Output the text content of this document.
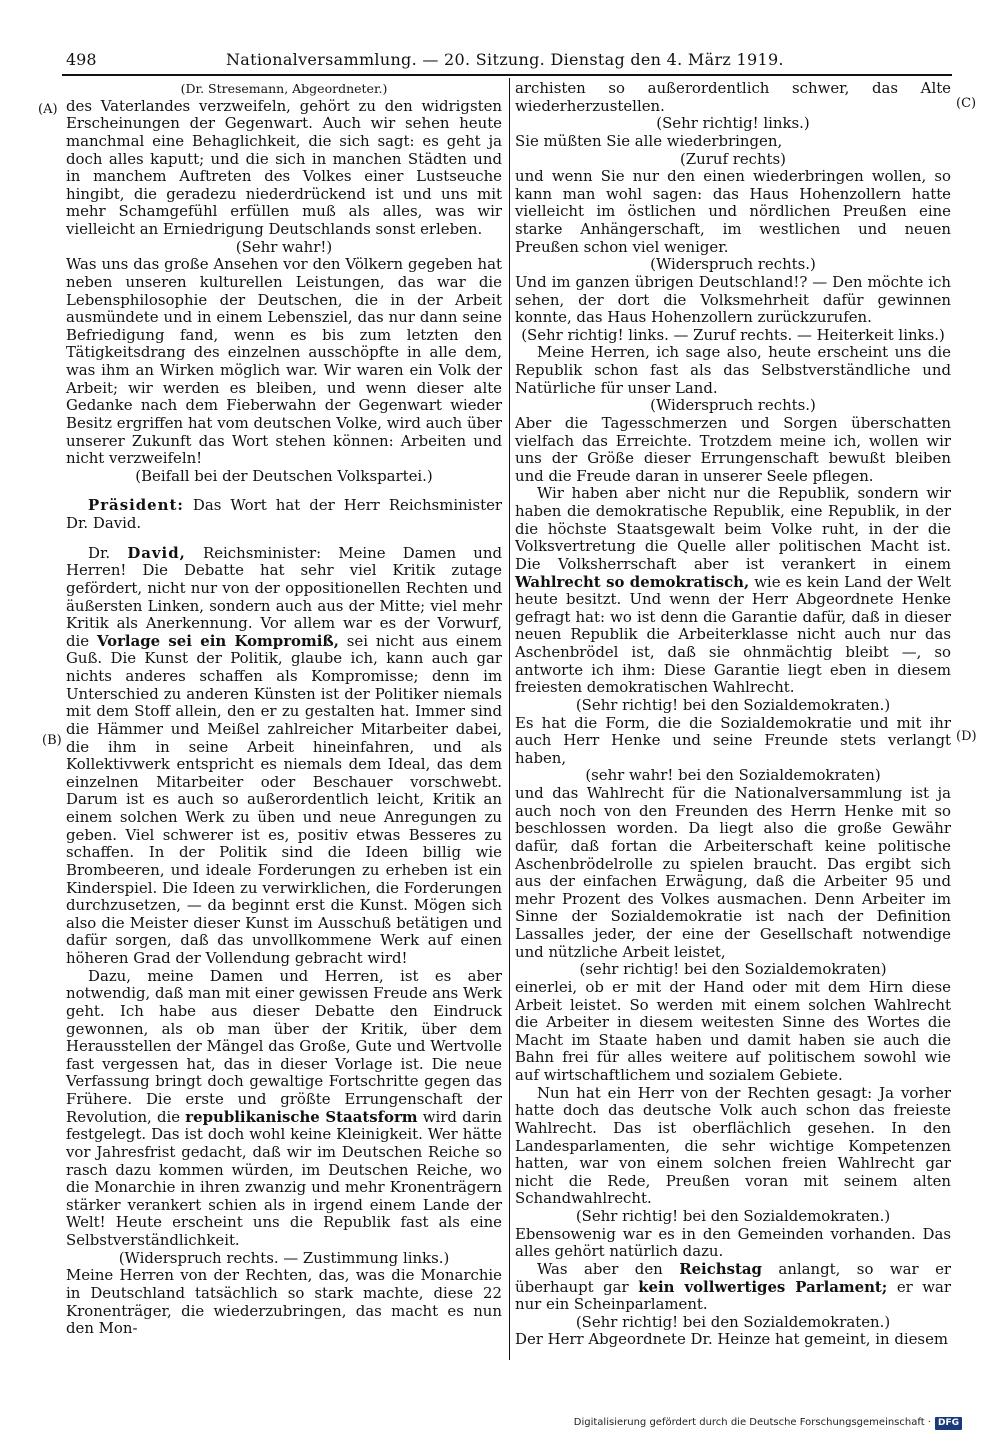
498	Nationalversammlung. — 20. Sitzung. Dienstag den 4. März 1919.
(A)
(B)
(C)
(D)

(Dr. Stresemann, Abgeordneter.)

des Vaterlandes verzweifeln, gehört zu den widrigsten Erscheinungen der Gegenwart. Auch wir sehen heute manchmal eine Behaglichkeit, die sich sagt: es geht ja doch alles kaputt; und die sich in manchen Städten und in manchem Auftreten des Volkes einer Lustseuche hingibt, die geradezu niederdrückend ist und uns mit mehr Schamgefühl erfüllen muß als alles, was wir vielleicht an Erniedrigung Deutschlands sonst erleben.

(Sehr wahr!)

Was uns das große Ansehen vor den Völkern gegeben hat neben unseren kulturellen Leistungen, das war die Lebensphilosophie der Deutschen, die in der Arbeit ausmündete und in einem Lebensziel, das nur dann seine Befriedigung fand, wenn es bis zum letzten den Tätigkeitsdrang des einzelnen ausschöpfte in alle dem, was ihm an Wirken möglich war. Wir waren ein Volk der Arbeit; wir werden es bleiben, und wenn dieser alte Gedanke nach dem Fieberwahn der Gegenwart wieder Besitz ergriffen hat vom deutschen Volke, wird auch über unserer Zukunft das Wort stehen können: Arbeiten und nicht verzweifeln!

(Beifall bei der Deutschen Volkspartei.)

Präsident: Das Wort hat der Herr Reichsminister Dr. David.

Dr. David, Reichsminister: Meine Damen und Herren! Die Debatte hat sehr viel Kritik zutage gefördert, nicht nur von der oppositionellen Rechten und äußersten Linken, sondern auch aus der Mitte; viel mehr Kritik als Anerkennung. Vor allem war es der Vorwurf, die Vorlage sei ein Kompromiß, sei nicht aus einem Guß. Die Kunst der Politik, glaube ich, kann auch gar nichts anderes schaffen als Kompromisse; denn im Unterschied zu anderen Künsten ist der Politiker niemals mit dem Stoff allein, den er zu gestalten hat. Immer sind die Hämmer und Meißel zahlreicher Mitarbeiter dabei, die ihm in seine Arbeit hineinfahren, und als Kollektivwerk entspricht es niemals dem Ideal, das dem einzelnen Mitarbeiter oder Beschauer vorschwebt. Darum ist es auch so außerordentlich leicht, Kritik an einem solchen Werk zu üben und neue Anregungen zu geben. Viel schwerer ist es, positiv etwas Besseres zu schaffen. In der Politik sind die Ideen billig wie Brombeeren, und ideale Forderungen zu erheben ist ein Kinderspiel. Die Ideen zu verwirklichen, die Forderungen durchzusetzen, — da beginnt erst die Kunst. Mögen sich also die Meister dieser Kunst im Ausschuß betätigen und dafür sorgen, daß das unvollkommene Werk auf einen höheren Grad der Vollendung gebracht wird!

Dazu, meine Damen und Herren, ist es aber notwendig, daß man mit einer gewissen Freude ans Werk geht. Ich habe aus dieser Debatte den Eindruck gewonnen, als ob man über der Kritik, über dem Herausstellen der Mängel das Große, Gute und Wertvolle fast vergessen hat, das in dieser Vorlage ist. Die neue Verfassung bringt doch gewaltige Fortschritte gegen das Frühere. Die erste und größte Errungenschaft der Revolution, die republikanische Staatsform wird darin festgelegt. Das ist doch wohl keine Kleinigkeit. Wer hätte vor Jahresfrist gedacht, daß wir im Deutschen Reiche so rasch dazu kommen würden, im Deutschen Reiche, wo die Monarchie in ihren zwanzig und mehr Kronenträgern stärker verankert schien als in irgend einem Lande der Welt! Heute erscheint uns die Republik fast als eine Selbstverständlichkeit.

(Widerspruch rechts. — Zustimmung links.)

Meine Herren von der Rechten, das, was die Monarchie in Deutschland tatsächlich so stark machte, diese 22 Kronenträger, die wiederzubringen, das macht es nun den Mon-

archisten so außerordentlich schwer, das Alte wiederherzustellen.

(Sehr richtig! links.)

Sie müßten Sie alle wiederbringen,

(Zuruf rechts)

und wenn Sie nur den einen wiederbringen wollen, so kann man wohl sagen: das Haus Hohenzollern hatte vielleicht im östlichen und nördlichen Preußen eine starke Anhängerschaft, im westlichen und neuen Preußen schon viel weniger.

(Widerspruch rechts.)

Und im ganzen übrigen Deutschland!? — Den möchte ich sehen, der dort die Volksmehrheit dafür gewinnen konnte, das Haus Hohenzollern zurückzurufen.

(Sehr richtig! links. — Zuruf rechts. — Heiterkeit links.)

Meine Herren, ich sage also, heute erscheint uns die Republik schon fast als das Selbstverständliche und Natürliche für unser Land.

(Widerspruch rechts.)

Aber die Tagesschmerzen und Sorgen überschatten vielfach das Erreichte. Trotzdem meine ich, wollen wir uns der Größe dieser Errungenschaft bewußt bleiben und die Freude daran in unserer Seele pflegen.

Wir haben aber nicht nur die Republik, sondern wir haben die demokratische Republik, eine Republik, in der die höchste Staatsgewalt beim Volke ruht, in der die Volksvertretung die Quelle aller politischen Macht ist. Die Volksherrschaft aber ist verankert in einem Wahlrecht so demokratisch, wie es kein Land der Welt heute besitzt. Und wenn der Herr Abgeordnete Henke gefragt hat: wo ist denn die Garantie dafür, daß in dieser neuen Republik die Arbeiterklasse nicht auch nur das Aschenbrödel ist, daß sie ohnmächtig bleibt —, so antworte ich ihm: Diese Garantie liegt eben in diesem freiesten demokratischen Wahlrecht.

(Sehr richtig! bei den Sozialdemokraten.)

Es hat die Form, die die Sozialdemokratie und mit ihr auch Herr Henke und seine Freunde stets verlangt haben,

(sehr wahr! bei den Sozialdemokraten)

und das Wahlrecht für die Nationalversammlung ist ja auch noch von den Freunden des Herrn Henke mit so beschlossen worden. Da liegt also die große Gewähr dafür, daß fortan die Arbeiterschaft keine politische Aschenbrödelrolle zu spielen braucht. Das ergibt sich aus der einfachen Erwägung, daß die Arbeiter 95 und mehr Prozent des Volkes ausmachen. Denn Arbeiter im Sinne der Sozialdemokratie ist nach der Definition Lassalles jeder, der eine der Gesellschaft notwendige und nützliche Arbeit leistet,

(sehr richtig! bei den Sozialdemokraten)

einerlei, ob er mit der Hand oder mit dem Hirn diese Arbeit leistet. So werden mit einem solchen Wahlrecht die Arbeiter in diesem weitesten Sinne des Wortes die Macht im Staate haben und damit haben sie auch die Bahn frei für alles weitere auf politischem sowohl wie auf wirtschaftlichem und sozialem Gebiete.

Nun hat ein Herr von der Rechten gesagt: Ja vorher hatte doch das deutsche Volk auch schon das freieste Wahlrecht. Das ist oberflächlich gesehen. In den Landesparlamenten, die sehr wichtige Kompetenzen hatten, war von einem solchen freien Wahlrecht gar nicht die Rede, Preußen voran mit seinem alten Schandwahlrecht.

(Sehr richtig! bei den Sozialdemokraten.)

Ebensowenig war es in den Gemeinden vorhanden. Das alles gehört natürlich dazu.

Was aber den Reichstag anlangt, so war er überhaupt gar kein vollwertiges Parlament; er war nur ein Scheinparlament.

(Sehr richtig! bei den Sozialdemokraten.)

Der Herr Abgeordnete Dr. Heinze hat gemeint, in diesem

Digitalisierung gefördert durch die Deutsche Forschungsgemeinschaft · DFG
